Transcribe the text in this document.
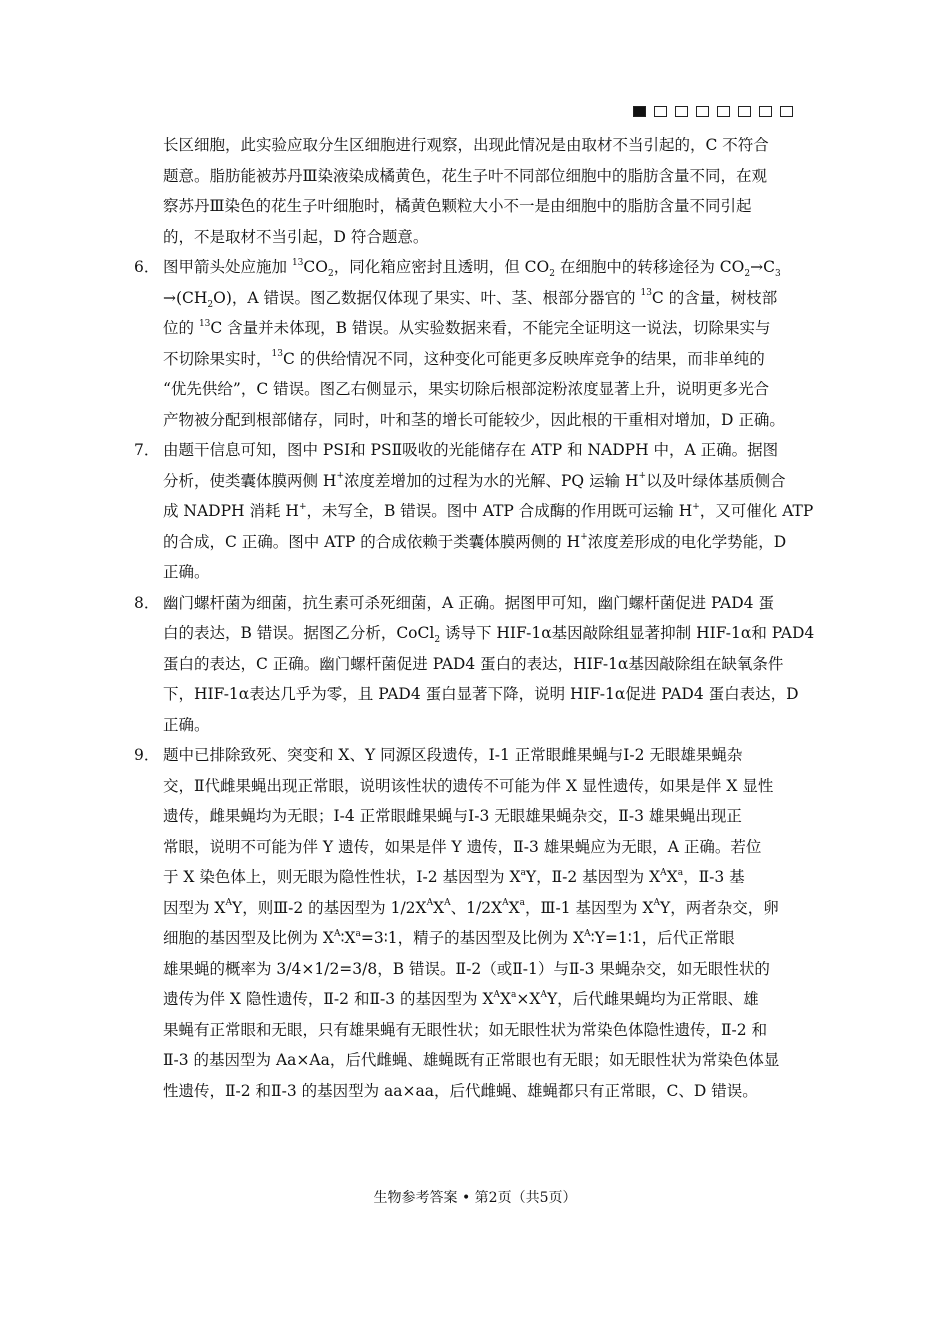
长区细胞，此实验应取分生区细胞进行观察，出现此情况是由取材不当引起的，C 不符合
题意。脂肪能被苏丹Ⅲ染液染成橘黄色，花生子叶不同部位细胞中的脂肪含量不同，在观
察苏丹Ⅲ染色的花生子叶细胞时，橘黄色颗粒大小不一是由细胞中的脂肪含量不同引起
的，不是取材不当引起，D 符合题意。
6． 图甲箭头处应施加 $^{13}CO_2$，同化箱应密封且透明，但 $CO_2$ 在细胞中的转移途径为 $CO_2\to C_3$
$\to(CH_2O)$，A 错误。图乙数据仅体现了果实、叶、茎、根部分器官的 $^{13}$C 的含量，树枝部
位的 $^{13}$C 含量并未体现，B 错误。从实验数据来看，不能完全证明这一说法，切除果实与
不切除果实时，$^{13}$C 的供给情况不同，这种变化可能更多反映库竞争的结果，而非单纯的
“优先供给”，C 错误。图乙右侧显示，果实切除后根部淀粉浓度显著上升，说明更多光合
产物被分配到根部储存，同时，叶和茎的增长可能较少，因此根的干重相对增加，D 正确。
7． 由题干信息可知，图中 PSⅠ和 PSⅡ吸收的光能储存在 ATP 和 NADPH 中，A 正确。据图
分析，使类囊体膜两侧 H+浓度差增加的过程为水的光解、PQ 运输 H+以及叶绿体基质侧合
成 NADPH 消耗 H+，未写全，B 错误。图中 ATP 合成酶的作用既可运输 H+，又可催化 ATP
的合成，C 正确。图中 ATP 的合成依赖于类囊体膜两侧的 H+浓度差形成的电化学势能，D
正确。
8． 幽门螺杆菌为细菌，抗生素可杀死细菌，A 正确。据图甲可知，幽门螺杆菌促进 PAD4 蛋
白的表达，B 错误。据图乙分析，CoCl$_2$ 诱导下 HIF-1α基因敲除组显著抑制 HIF-1α和 PAD4
蛋白的表达，C 正确。幽门螺杆菌促进 PAD4 蛋白的表达，HIF-1α基因敲除组在缺氧条件
下，HIF-1α表达几乎为零，且 PAD4 蛋白显著下降，说明 HIF-1α促进 PAD4 蛋白表达，D
正确。
9． 题中已排除致死、突变和 X、Y 同源区段遗传，Ⅰ-1 正常眼雌果蝇与Ⅰ-2 无眼雄果蝇杂
交，Ⅱ代雌果蝇出现正常眼，说明该性状的遗传不可能为伴 X 显性遗传，如果是伴 X 显性
遗传，雌果蝇均为无眼；Ⅰ-4 正常眼雌果蝇与Ⅰ-3 无眼雄果蝇杂交，Ⅱ-3 雄果蝇出现正
常眼，说明不可能为伴 Y 遗传，如果是伴 Y 遗传，Ⅱ-3 雄果蝇应为无眼，A 正确。若位
于 X 染色体上，则无眼为隐性性状，Ⅰ-2 基因型为 $X^aY$，Ⅱ-2 基因型为 $X^AX^a$，Ⅱ-3 基
因型为 $X^AY$，则Ⅲ-2 的基因型为 $1/2X^AX^A$、$1/2X^AX^a$，Ⅲ-1 基因型为 $X^AY$，两者杂交，卵
细胞的基因型及比例为 $X^A∶X^a=3∶1$，精子的基因型及比例为 $X^A∶Y=1∶1$，后代正常眼
雄果蝇的概率为 3/4×1/2=3/8，B 错误。Ⅱ-2（或Ⅱ-1）与Ⅱ-3 果蝇杂交，如无眼性状的
遗传为伴 X 隐性遗传，Ⅱ-2 和Ⅱ-3 的基因型为 $X^AX^a\times X^AY$，后代雌果蝇均为正常眼、雄
果蝇有正常眼和无眼，只有雄果蝇有无眼性状；如无眼性状为常染色体隐性遗传，Ⅱ-2 和
Ⅱ-3 的基因型为 Aa×Aa，后代雌蝇、雄蝇既有正常眼也有无眼；如无眼性状为常染色体显
性遗传，Ⅱ-2 和Ⅱ-3 的基因型为 aa×aa，后代雌蝇、雄蝇都只有正常眼，C、D 错误。
生物参考答案 • 第2页（共5页）
